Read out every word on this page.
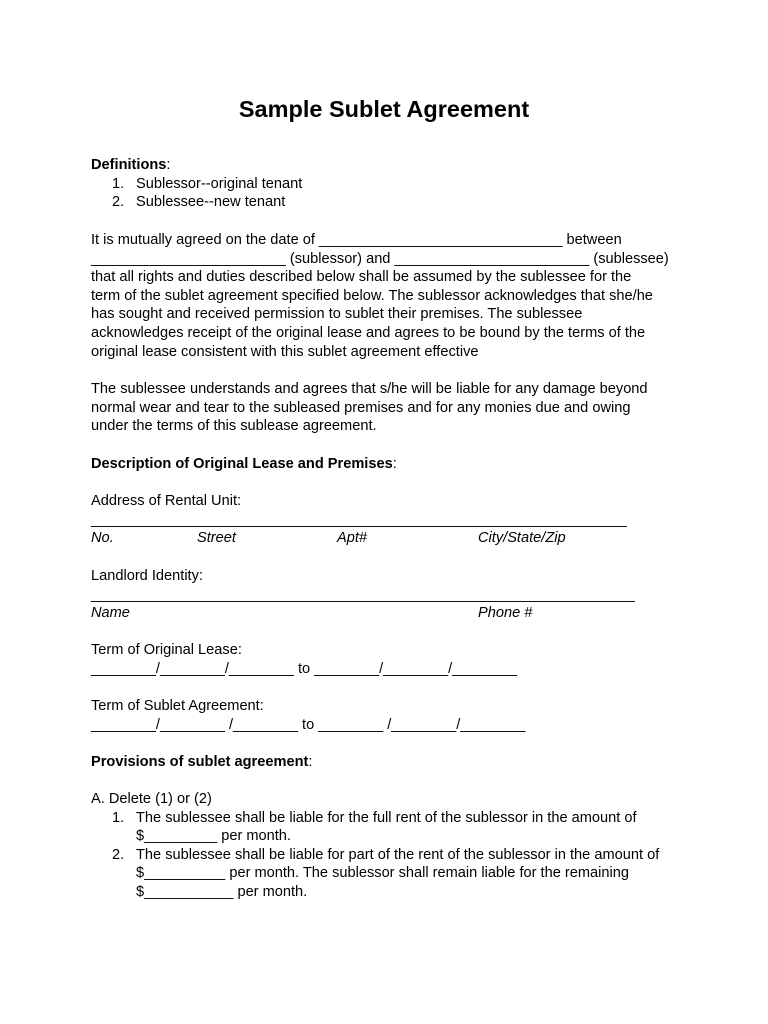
Sample Sublet Agreement
Definitions:
1. Sublessor--original tenant
2. Sublessee--new tenant
It is mutually agreed on the date of ______________________________ between
________________________ (sublessor) and ________________________ (sublessee)
that all rights and duties described below shall be assumed by the sublessee for the
term of the sublet agreement specified below. The sublessor acknowledges that she/he
has sought and received permission to sublet their premises. The sublessee
acknowledges receipt of the original lease and agrees to be bound by the terms of the
original lease consistent with this sublet agreement effective
The sublessee understands and agrees that s/he will be liable for any damage beyond
normal wear and tear to the subleased premises and for any monies due and owing
under the terms of this sublease agreement.
Description of Original Lease and Premises:
Address of Rental Unit:
__________________________________________________________________
No.	Street	Apt#	City/State/Zip
Landlord Identity:
___________________________________________________________________
Name	Phone #
Term of Original Lease:
________/________/________ to ________/________/________
Term of Sublet Agreement:
________/________ /________ to ________ /________/________
Provisions of sublet agreement:
A. Delete (1) or (2)
1. The sublessee shall be liable for the full rent of the sublessor in the amount of
$_________ per month.
2. The sublessee shall be liable for part of the rent of the sublessor in the amount of
$__________ per month. The sublessor shall remain liable for the remaining
$___________ per month.
